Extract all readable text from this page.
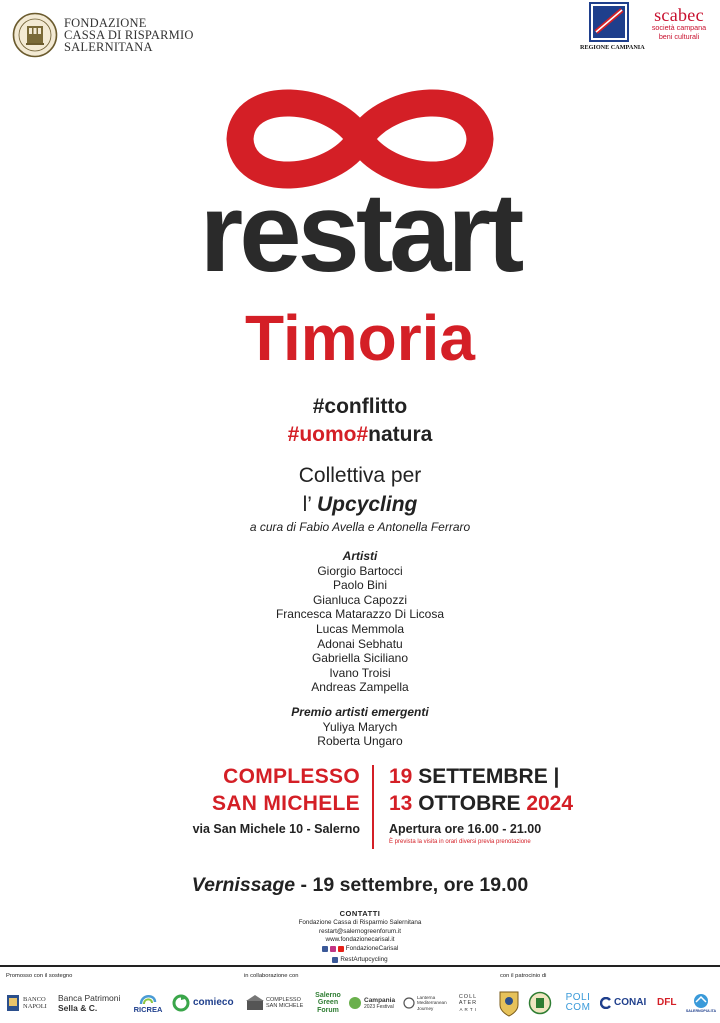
FONDAZIONE
CASSA DI RISPARMIO
SALERNITANA	REGIONE CAMPANIA
scabec
società campana
beni culturali
restart
Timoria
#conflitto
#uomo#natura
Collettiva per
l’ Upcycling
a cura di Fabio Avella e Antonella Ferraro
Artisti
Giorgio Bartocci
Paolo Bini
Gianluca Capozzi
Francesca Matarazzo Di Licosa
Lucas Memmola
Adonai Sebhatu
Gabriella Siciliano
Ivano Troisi
Andreas Zampella
Premio artisti emergenti
Yuliya Marych
Roberta Ungaro
COMPLESSO
SAN MICHELE
via San Michele 10 - Salerno
19 SETTEMBRE |
13 OTTOBRE 2024
Apertura ore 16.00 - 21.00
È prevista la visita in orari diversi previa prenotazione
Vernissage - 19 settembre, ore 19.00
CONTATTI
Fondazione Cassa di Risparmio Salernitana
restart@salernogreenforum.it
www.fondazionecarisal.it
FondazioneCarisal

RestArtupcycling
Promosso con il sostegno	in collaborazione con	con il patrocinio di
BANCO NAPOLI
Banca Patrimoni
Sella & C.	RICREA
comieco	COMPLESSO
SAN MICHELE
Salerno
Green
Forum
Campania
2023 Festival
Lanterna
Mediterranean
Journey
COLL
ATER
A R T I
POLI
COM CONAI DFL
SALERNOPULITA
